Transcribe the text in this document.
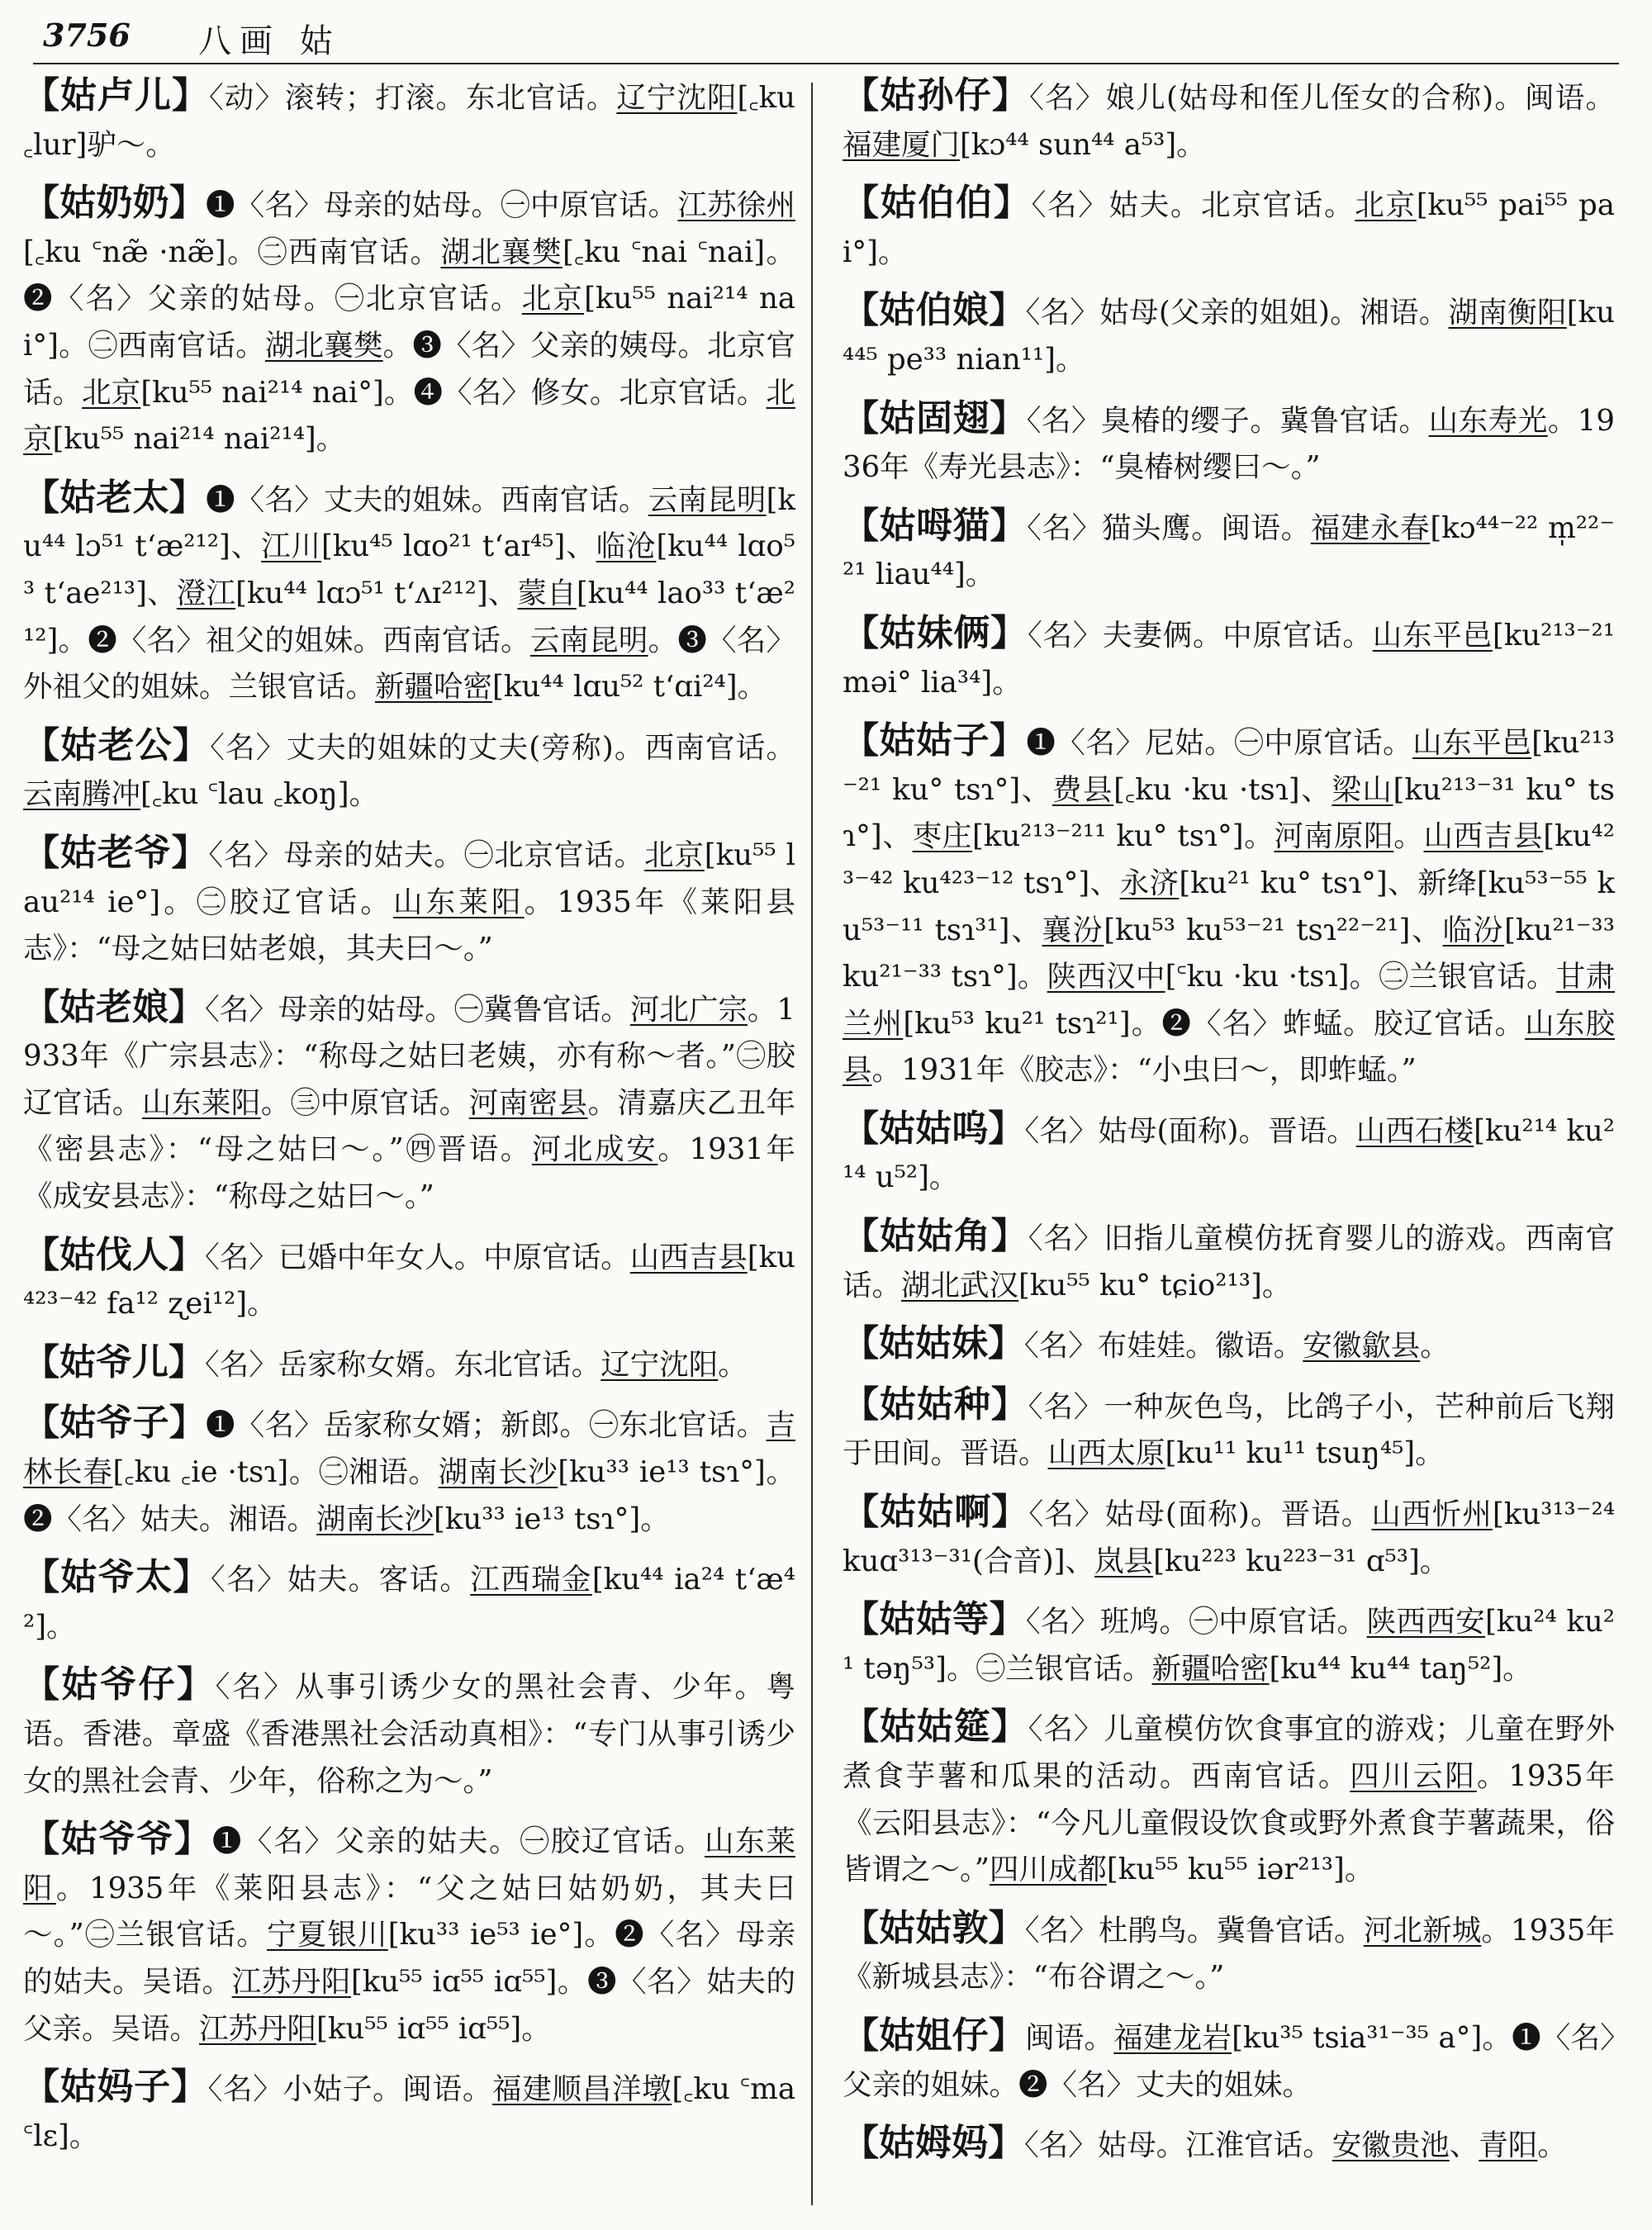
3756 八画 姑

【姑卢儿】〈动〉滚转；打滚。东北官话。辽宁沈阳[꜀ku ꜀lur]驴～。

【姑奶奶】❶〈名〉母亲的姑母。㊀中原官话。江苏徐州[꜀ku ꜂næ̃ ·næ̃]。㊁西南官话。湖北襄樊[꜀ku ꜂nai ꜂nai]。❷〈名〉父亲的姑母。㊀北京官话。北京[ku⁵⁵ nai²¹⁴ nai°]。㊁西南官话。湖北襄樊。❸〈名〉父亲的姨母。北京官话。北京[ku⁵⁵ nai²¹⁴ nai°]。❹〈名〉修女。北京官话。北京[ku⁵⁵ nai²¹⁴ nai²¹⁴]。

【姑老太】❶〈名〉丈夫的姐妹。西南官话。云南昆明[ku⁴⁴ lɔ⁵¹ tʻæ²¹²]、江川[ku⁴⁵ lɑo²¹ tʻaɪ⁴⁵]、临沧[ku⁴⁴ lɑo⁵³ tʻae²¹³]、澄江[ku⁴⁴ lɑɔ⁵¹ tʻʌɪ²¹²]、蒙自[ku⁴⁴ lao³³ tʻæ²¹²]。❷〈名〉祖父的姐妹。西南官话。云南昆明。❸〈名〉外祖父的姐妹。兰银官话。新疆哈密[ku⁴⁴ lɑu⁵² tʻɑi²⁴]。

【姑老公】〈名〉丈夫的姐妹的丈夫(旁称)。西南官话。云南腾冲[꜀ku ꜂lau ꜀koŋ]。

【姑老爷】〈名〉母亲的姑夫。㊀北京官话。北京[ku⁵⁵ lau²¹⁴ ie°]。㊁胶辽官话。山东莱阳。1935年《莱阳县志》：“母之姑曰姑老娘，其夫曰～。”

【姑老娘】〈名〉母亲的姑母。㊀冀鲁官话。河北广宗。1933年《广宗县志》：“称母之姑曰老姨，亦有称～者。”㊁胶辽官话。山东莱阳。㊂中原官话。河南密县。清嘉庆乙丑年《密县志》：“母之姑曰～。”㊃晋语。河北成安。1931年《成安县志》：“称母之姑曰～。”

【姑伐人】〈名〉已婚中年女人。中原官话。山西吉县[ku⁴²³⁻⁴² fa¹² ʐei¹²]。

【姑爷儿】〈名〉岳家称女婿。东北官话。辽宁沈阳。

【姑爷子】❶〈名〉岳家称女婿；新郎。㊀东北官话。吉林长春[꜀ku ꜀ie ·tsɿ]。㊁湘语。湖南长沙[ku³³ ie¹³ tsɿ°]。❷〈名〉姑夫。湘语。湖南长沙[ku³³ ie¹³ tsɿ°]。

【姑爷太】〈名〉姑夫。客话。江西瑞金[ku⁴⁴ ia²⁴ tʻæ⁴²]。

【姑爷仔】〈名〉从事引诱少女的黑社会青、少年。粤语。香港。章盛《香港黑社会活动真相》：“专门从事引诱少女的黑社会青、少年，俗称之为～。”

【姑爷爷】❶〈名〉父亲的姑夫。㊀胶辽官话。山东莱阳。1935年《莱阳县志》：“父之姑曰姑奶奶，其夫曰～。”㊁兰银官话。宁夏银川[ku³³ ie⁵³ ie°]。❷〈名〉母亲的姑夫。吴语。江苏丹阳[ku⁵⁵ iɑ⁵⁵ iɑ⁵⁵]。❸〈名〉姑夫的父亲。吴语。江苏丹阳[ku⁵⁵ iɑ⁵⁵ iɑ⁵⁵]。

【姑妈子】〈名〉小姑子。闽语。福建顺昌洋墩[꜀ku ꜂ma ꜂lɛ]。

【姑孙仔】〈名〉娘儿(姑母和侄儿侄女的合称)。闽语。福建厦门[kɔ⁴⁴ sun⁴⁴ a⁵³]。

【姑伯伯】〈名〉姑夫。北京官话。北京[ku⁵⁵ pai⁵⁵ pai°]。

【姑伯娘】〈名〉姑母(父亲的姐姐)。湘语。湖南衡阳[ku⁴⁴⁵ pe³³ nian¹¹]。

【姑固翅】〈名〉臭椿的缨子。冀鲁官话。山东寿光。1936年《寿光县志》：“臭椿树缨曰～。”

【姑呣猫】〈名〉猫头鹰。闽语。福建永春[kɔ⁴⁴⁻²² m̩²²⁻²¹ liau⁴⁴]。

【姑妹俩】〈名〉夫妻俩。中原官话。山东平邑[ku²¹³⁻²¹ məi° lia³⁴]。

【姑姑子】❶〈名〉尼姑。㊀中原官话。山东平邑[ku²¹³⁻²¹ ku° tsɿ°]、费县[꜀ku ·ku ·tsɿ]、梁山[ku²¹³⁻³¹ ku° tsɿ°]、枣庄[ku²¹³⁻²¹¹ ku° tsɿ°]。河南原阳。山西吉县[ku⁴²³⁻⁴² ku⁴²³⁻¹² tsɿ°]、永济[ku²¹ ku° tsɿ°]、新绛[ku⁵³⁻⁵⁵ ku⁵³⁻¹¹ tsɿ³¹]、襄汾[ku⁵³ ku⁵³⁻²¹ tsɿ²²⁻²¹]、临汾[ku²¹⁻³³ ku²¹⁻³³ tsɿ°]。陕西汉中[꜂ku ·ku ·tsɿ]。㊁兰银官话。甘肃兰州[ku⁵³ ku²¹ tsɿ²¹]。❷〈名〉蚱蜢。胶辽官话。山东胶县。1931年《胶志》：“小虫曰～，即蚱蜢。”

【姑姑呜】〈名〉姑母(面称)。晋语。山西石楼[ku²¹⁴ ku²¹⁴ u⁵²]。

【姑姑角】〈名〉旧指儿童模仿抚育婴儿的游戏。西南官话。湖北武汉[ku⁵⁵ ku° tɕio²¹³]。

【姑姑妹】〈名〉布娃娃。徽语。安徽歙县。

【姑姑种】〈名〉一种灰色鸟，比鸽子小，芒种前后飞翔于田间。晋语。山西太原[ku¹¹ ku¹¹ tsuŋ⁴⁵]。

【姑姑啊】〈名〉姑母(面称)。晋语。山西忻州[ku³¹³⁻²⁴ kuɑ³¹³⁻³¹(合音)]、岚县[ku²²³ ku²²³⁻³¹ ɑ⁵³]。

【姑姑等】〈名〉班鸠。㊀中原官话。陕西西安[ku²⁴ ku²¹ təŋ⁵³]。㊁兰银官话。新疆哈密[ku⁴⁴ ku⁴⁴ taŋ⁵²]。

【姑姑筵】〈名〉儿童模仿饮食事宜的游戏；儿童在野外煮食芋薯和瓜果的活动。西南官话。四川云阳。1935年《云阳县志》：“今凡儿童假设饮食或野外煮食芋薯蔬果，俗皆谓之～。”四川成都[ku⁵⁵ ku⁵⁵ iər²¹³]。

【姑姑敦】〈名〉杜鹃鸟。冀鲁官话。河北新城。1935年《新城县志》：“布谷谓之～。”

【姑姐仔】闽语。福建龙岩[ku³⁵ tsia³¹⁻³⁵ a°]。❶〈名〉父亲的姐妹。❷〈名〉丈夫的姐妹。

【姑姆妈】〈名〉姑母。江淮官话。安徽贵池、青阳。
